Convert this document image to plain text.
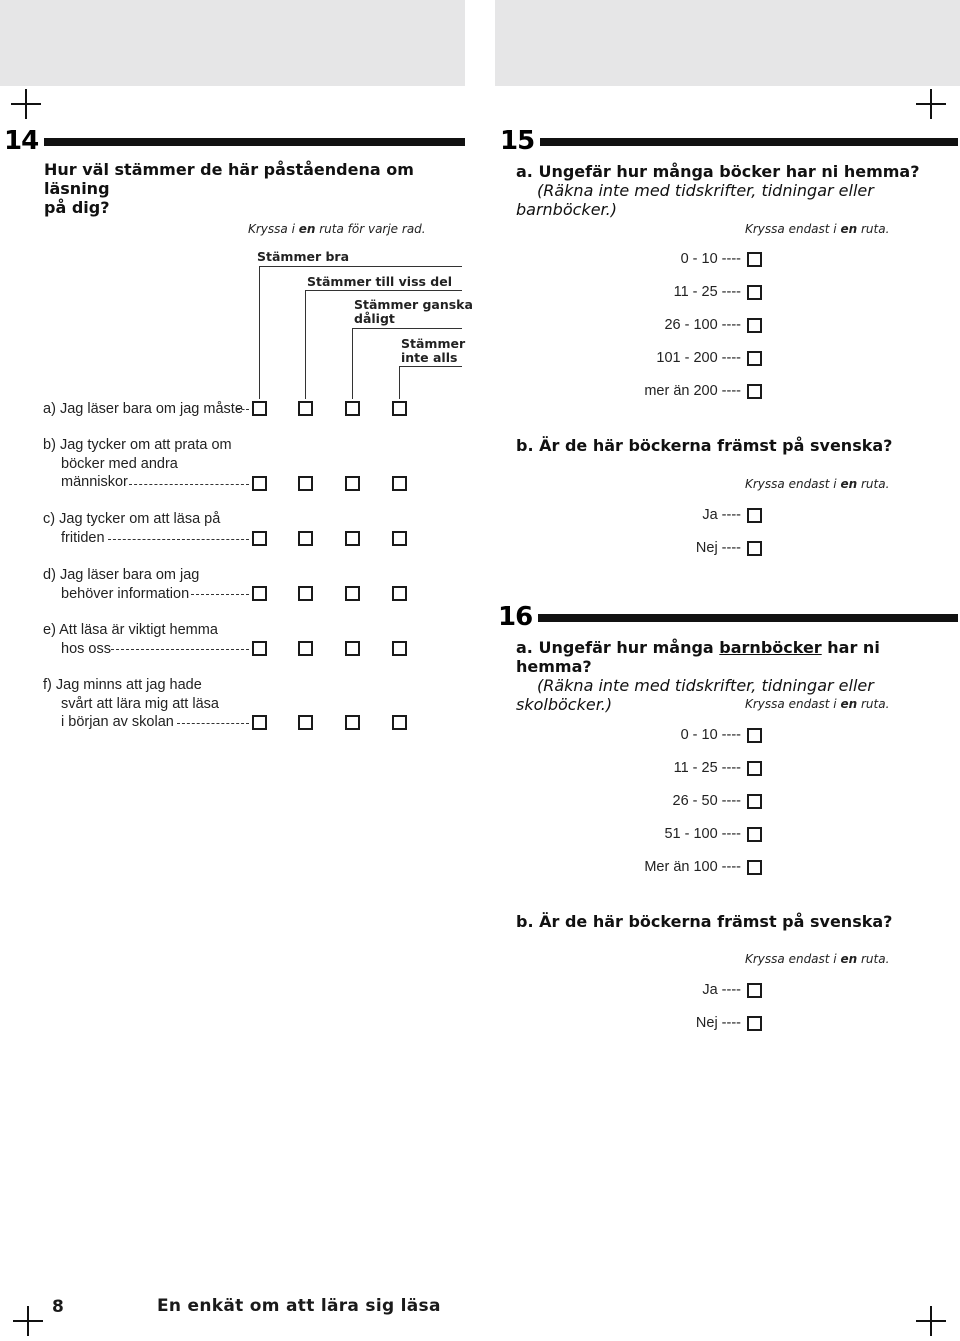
14
Hur väl stämmer de här påståendena om läsning
på dig?
Kryssa i en ruta för varje rad.
Stämmer bra
Stämmer till viss del
Stämmer ganska
dåligt
Stämmer
inte alls
a) Jag läser bara om jag måste
b) Jag tycker om att prata om
böcker med andra
människor
c) Jag tycker om att läsa på
fritiden
d) Jag läser bara om jag
behöver information
e) Att läsa är viktigt hemma
hos oss
f) Jag minns att jag hade
svårt att lära mig att läsa
i början av skolan
15
a. Ungefär hur många böcker har ni hemma?
(Räkna inte med tidskrifter, tidningar eller barnböcker.)
Kryssa endast i en ruta.
0 - 10 ----
11 - 25 ----
26 - 100 ----
101 - 200 ----
mer än 200 ----
b. Är de här böckerna främst på svenska?
Kryssa endast i en ruta.
Ja ----
Nej ----
16
a. Ungefär hur många barnböcker har ni hemma?
(Räkna inte med tidskrifter, tidningar eller skolböcker.)	Kryssa endast i en ruta.
0 - 10 ----
11 - 25 ----
26 - 50 ----
51 - 100 ----
Mer än 100 ----
b. Är de här böckerna främst på svenska?
Kryssa endast i en ruta.
Ja ----
Nej ----
8	En enkät om att lära sig läsa
